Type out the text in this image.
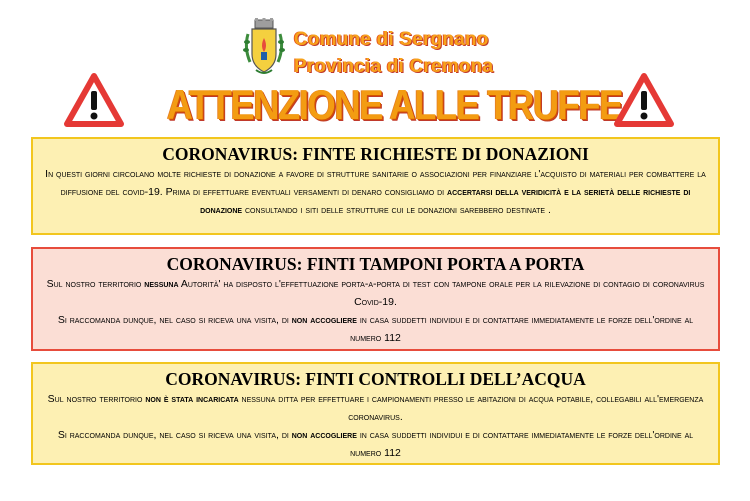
Comune di Sergnano
Provincia di Cremona
ATTENZIONE ALLE TRUFFE
CORONAVIRUS: FINTE RICHIESTE DI DONAZIONI
In questi giorni circolano molte richieste di donazione a favore di strutture sanitarie o associazioni per finanziare l'acquisto di materiali per combattere la diffusione del covid-19. Prima di effettuare eventuali versamenti di denaro consigliamo di accertarsi della veridicità e la serietà delle richieste di donazione consultando i siti delle strutture cui le donazioni sarebbero destinate .
CORONAVIRUS: FINTI TAMPONI PORTA A PORTA
Sul nostro territorio nessuna Autorità' ha disposto l'effettuazione porta-a-porta di test con tampone orale per la rilevazione di contagio di coronavirus Covid-19.
Si raccomanda dunque, nel caso si riceva una visita, di non accogliere in casa suddetti individui e di contattare immediatamente le forze dell'ordine al numero 112
CORONAVIRUS: FINTI CONTROLLI DELL’ACQUA
Sul nostro territorio non è stata incaricata nessuna ditta per effettuare i campionamenti presso le abitazioni di acqua potabile, collegabili all'emergenza coronavirus.
Si raccomanda dunque, nel caso si riceva una visita, di non accogliere in casa suddetti individui e di contattare immediatamente le forze dell'ordine al numero 112
